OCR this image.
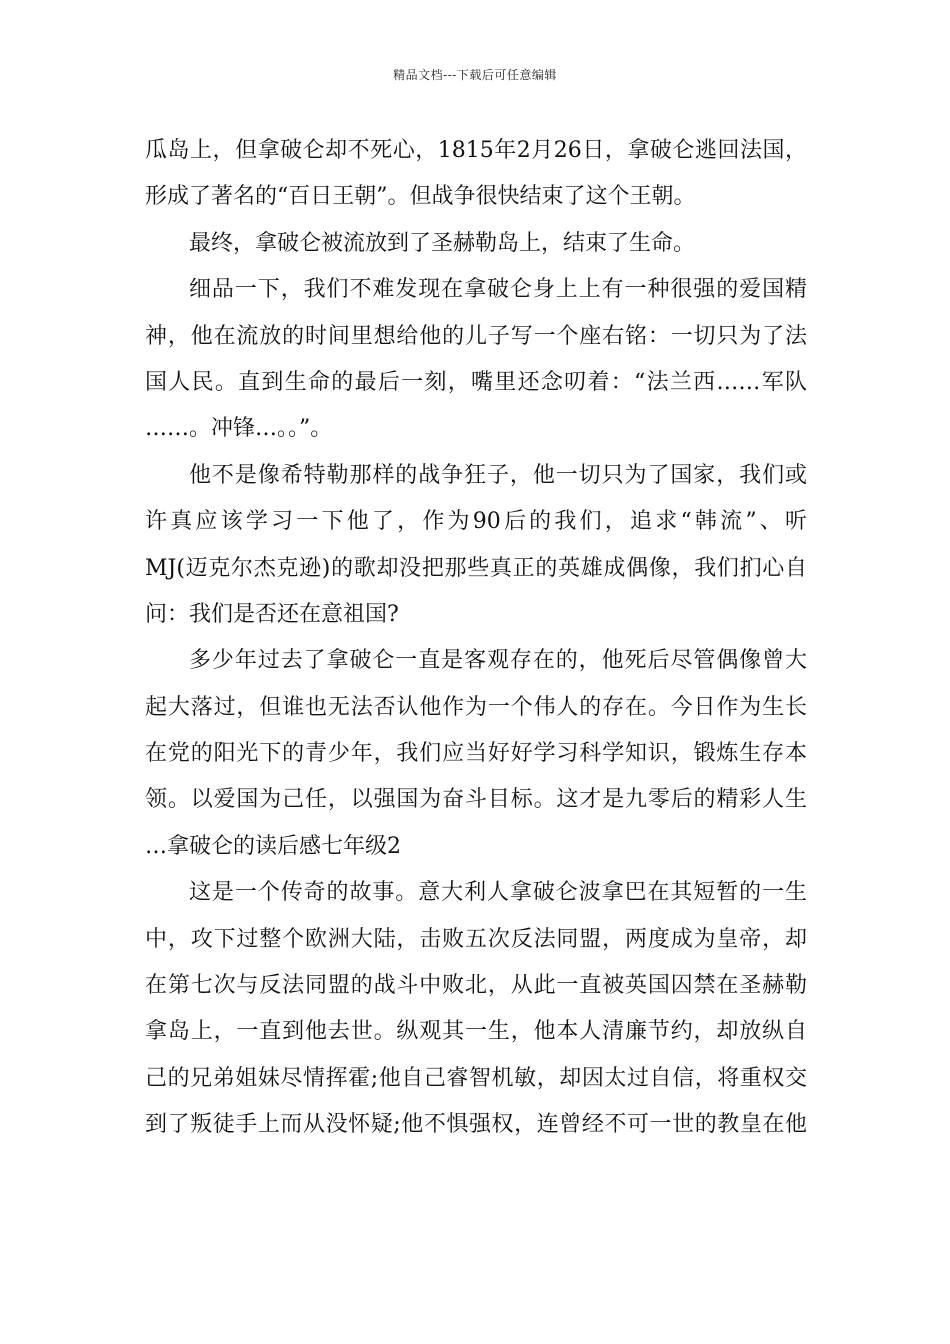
精品文档---下载后可任意编辑
瓜岛上，但拿破仑却不死心，1815年2月26日，拿破仑逃回法国，
形成了著名的“百日王朝”。但战争很快结束了这个王朝。
最终，拿破仑被流放到了圣赫勒岛上，结束了生命。
细品一下，我们不难发现在拿破仑身上上有一种很强的爱国精
神，他在流放的时间里想给他的儿子写一个座右铭：一切只为了法
国人民。直到生命的最后一刻，嘴里还念叨着：“法兰西……军队
……。冲锋…。。”。
他不是像希特勒那样的战争狂子，他一切只为了国家，我们或
许真应该学习一下他了，作为90后的我们，追求“韩流”、听
MJ(迈克尔杰克逊)的歌却没把那些真正的英雄成偶像，我们扪心自
问：我们是否还在意祖国?
多少年过去了拿破仑一直是客观存在的，他死后尽管偶像曾大
起大落过，但谁也无法否认他作为一个伟人的存在。今日作为生长
在党的阳光下的青少年，我们应当好好学习科学知识，锻炼生存本
领。以爱国为己任，以强国为奋斗目标。这才是九零后的精彩人生
…拿破仑的读后感七年级2
这是一个传奇的故事。意大利人拿破仑波拿巴在其短暂的一生
中，攻下过整个欧洲大陆，击败五次反法同盟，两度成为皇帝，却
在第七次与反法同盟的战斗中败北，从此一直被英国囚禁在圣赫勒
拿岛上，一直到他去世。纵观其一生，他本人清廉节约，却放纵自
己的兄弟姐妹尽情挥霍;他自己睿智机敏，却因太过自信，将重权交
到了叛徒手上而从没怀疑;他不惧强权，连曾经不可一世的教皇在他
